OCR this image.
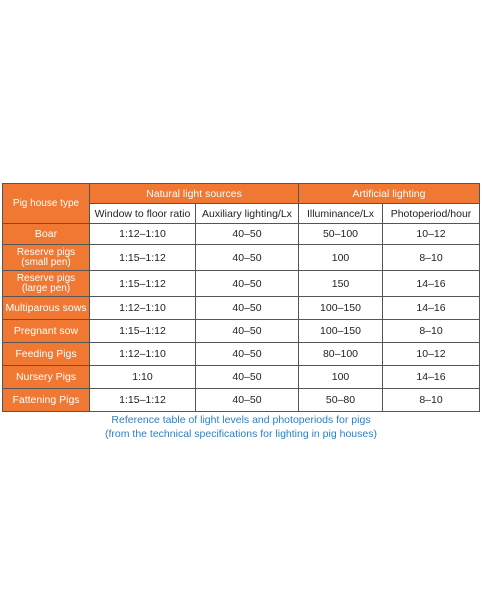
Pig house type	Natural light sources		Artificial lighting	
	Window to floor ratio	Auxiliary lighting/Lx	Illuminance/Lx	Photoperiod/hour
Boar	1:12–1:10	40–50	50–100	10–12
Reserve pigs (small pen)	1:15–1:12	40–50	100	8–10
Reserve pigs (large pen)	1:15–1:12	40–50	150	14–16
Multiparous sows	1:12–1:10	40–50	100–150	14–16
Pregnant sow	1:15–1:12	40–50	100–150	8–10
Feeding Pigs	1:12–1:10	40–50	80–100	10–12
Nursery Pigs	1:10	40–50	100	14–16
Fattening Pigs	1:15–1:12	40–50	50–80	8–10
Reference table of light levels and photoperiods for pigs
(from the technical specifications for lighting in pig houses)
